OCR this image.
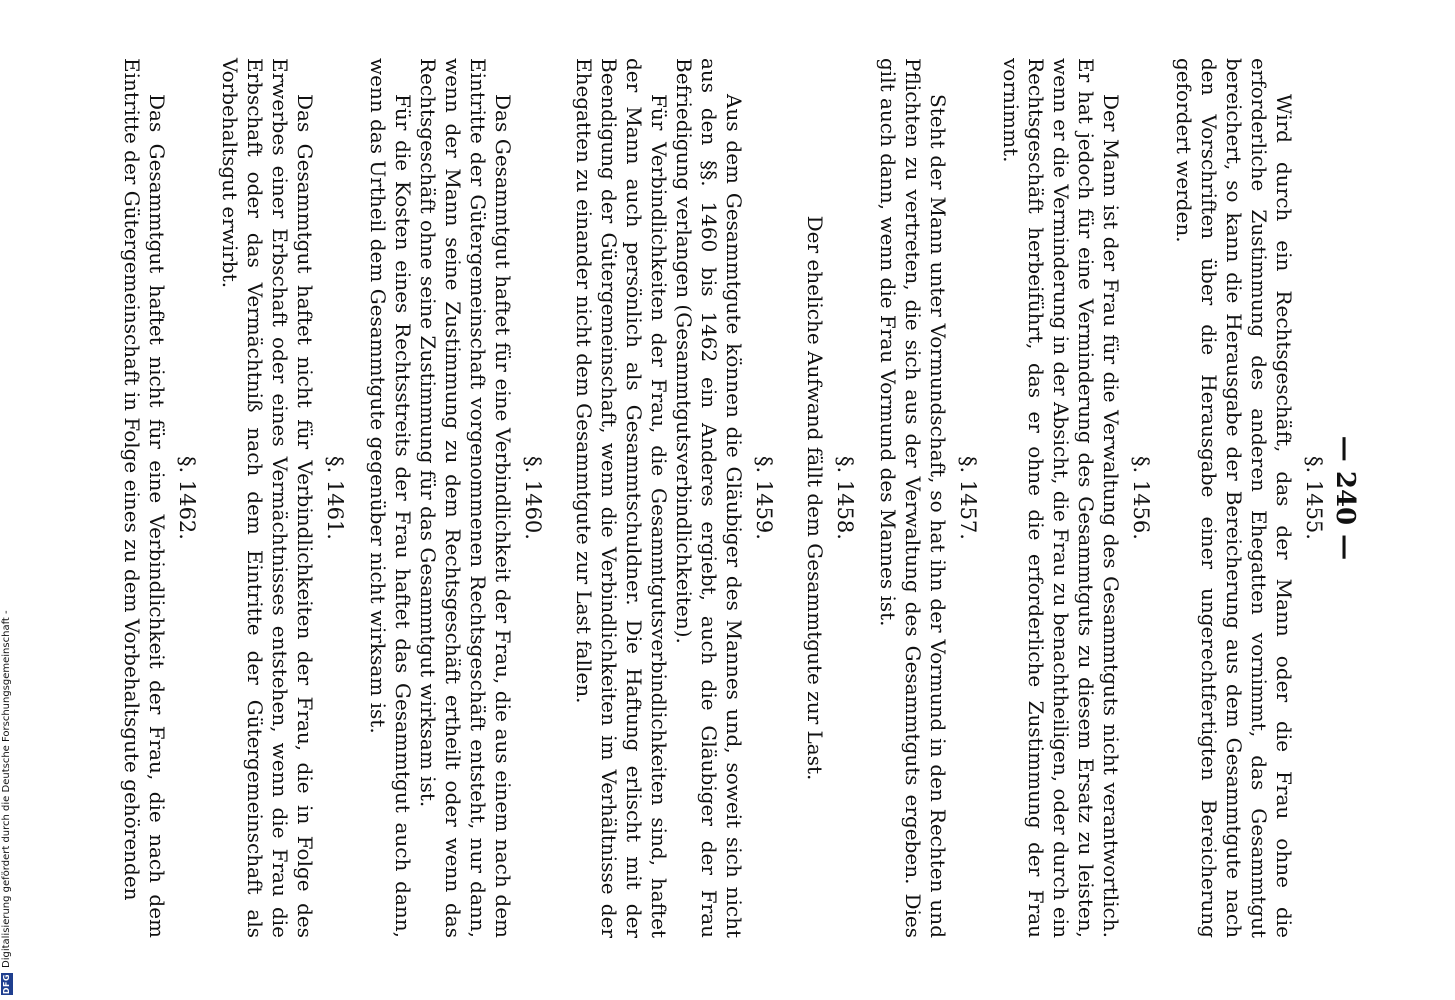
— 240 —
§. 1455.

Wird durch ein Rechtsgeschäft, das der Mann oder die Frau ohne die erforderliche Zustimmung des anderen Ehegatten vornimmt, das Gesammtgut bereichert, so kann die Herausgabe der Bereicherung aus dem Gesammtgute nach den Vorschriften über die Herausgabe einer ungerechtfertigten Bereicherung gefordert werden.

§. 1456.

Der Mann ist der Frau für die Verwaltung des Gesammtguts nicht verantwortlich. Er hat jedoch für eine Verminderung des Gesammtguts zu diesem Ersatz zu leisten, wenn er die Verminderung in der Absicht, die Frau zu benachtheiligen, oder durch ein Rechtsgeschäft herbeiführt, das er ohne die erforderliche Zustimmung der Frau vornimmt.

§. 1457.

Steht der Mann unter Vormundschaft, so hat ihn der Vormund in den Rechten und Pflichten zu vertreten, die sich aus der Verwaltung des Gesammtguts ergeben. Dies gilt auch dann, wenn die Frau Vormund des Mannes ist.

§. 1458.

Der eheliche Aufwand fällt dem Gesammtgute zur Last.

§. 1459.

Aus dem Gesammtgute können die Gläubiger des Mannes und, soweit sich nicht aus den §§. 1460 bis 1462 ein Anderes ergiebt, auch die Gläubiger der Frau Befriedigung verlangen (Gesammtgutsverbindlichkeiten).

Für Verbindlichkeiten der Frau, die Gesammtgutsverbindlichkeiten sind, haftet der Mann auch persönlich als Gesammtschuldner. Die Haftung erlischt mit der Beendigung der Gütergemeinschaft, wenn die Verbindlichkeiten im Verhältnisse der Ehegatten zu einander nicht dem Gesammtgute zur Last fallen.

§. 1460.

Das Gesammtgut haftet für eine Verbindlichkeit der Frau, die aus einem nach dem Eintritte der Gütergemeinschaft vorgenommenen Rechtsgeschäft entsteht, nur dann, wenn der Mann seine Zustimmung zu dem Rechtsgeschäft ertheilt oder wenn das Rechtsgeschäft ohne seine Zustimmung für das Gesammtgut wirksam ist.

Für die Kosten eines Rechtsstreits der Frau haftet das Gesammtgut auch dann, wenn das Urtheil dem Gesammtgute gegenüber nicht wirksam ist.

§. 1461.

Das Gesammtgut haftet nicht für Verbindlichkeiten der Frau, die in Folge des Erwerbes einer Erbschaft oder eines Vermächtnisses entstehen, wenn die Frau die Erbschaft oder das Vermächtniß nach dem Eintritte der Gütergemeinschaft als Vorbehaltsgut erwirbt.

§. 1462.

Das Gesammtgut haftet nicht für eine Verbindlichkeit der Frau, die nach dem Eintritte der Gütergemeinschaft in Folge eines zu dem Vorbehaltsgute gehörenden

DFG
Digitalisierung gefördert durch die Deutsche Forschungsgemeinschaft -
